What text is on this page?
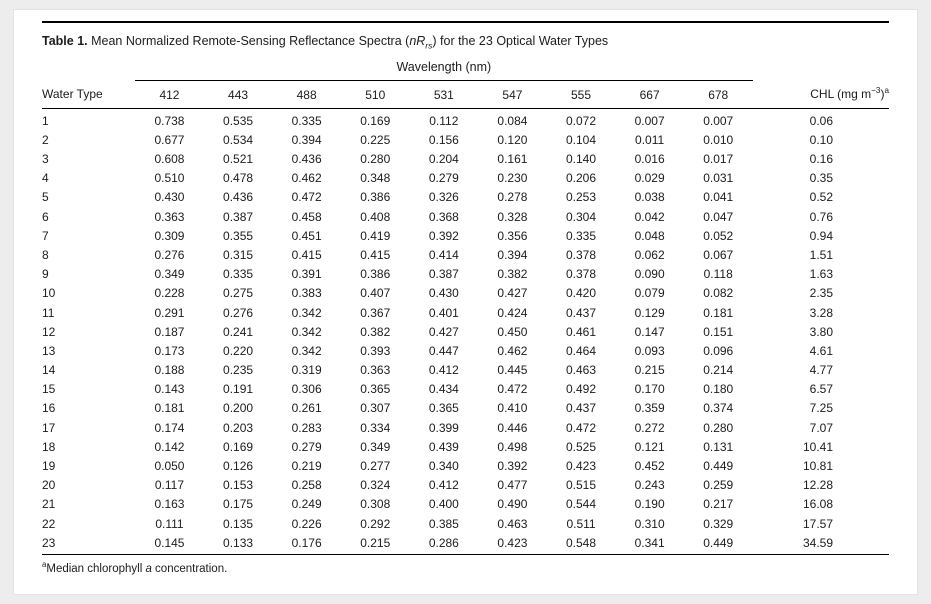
Table 1. Mean Normalized Remote-Sensing Reflectance Spectra $(nR_{rs})$ for the 23 Optical Water Types

	Wavelength (nm)									
Water Type	412	443	488	510	531	547	555	667	678	CHL (mg $m^{-3})^a$
1	0.738	0.535	0.335	0.169	0.112	0.084	0.072	0.007	0.007	0.06
2	0.677	0.534	0.394	0.225	0.156	0.120	0.104	0.011	0.010	0.10
3	0.608	0.521	0.436	0.280	0.204	0.161	0.140	0.016	0.017	0.16
4	0.510	0.478	0.462	0.348	0.279	0.230	0.206	0.029	0.031	0.35
5	0.430	0.436	0.472	0.386	0.326	0.278	0.253	0.038	0.041	0.52
6	0.363	0.387	0.458	0.408	0.368	0.328	0.304	0.042	0.047	0.76
7	0.309	0.355	0.451	0.419	0.392	0.356	0.335	0.048	0.052	0.94
8	0.276	0.315	0.415	0.415	0.414	0.394	0.378	0.062	0.067	1.51
9	0.349	0.335	0.391	0.386	0.387	0.382	0.378	0.090	0.118	1.63
10	0.228	0.275	0.383	0.407	0.430	0.427	0.420	0.079	0.082	2.35
11	0.291	0.276	0.342	0.367	0.401	0.424	0.437	0.129	0.181	3.28
12	0.187	0.241	0.342	0.382	0.427	0.450	0.461	0.147	0.151	3.80
13	0.173	0.220	0.342	0.393	0.447	0.462	0.464	0.093	0.096	4.61
14	0.188	0.235	0.319	0.363	0.412	0.445	0.463	0.215	0.214	4.77
15	0.143	0.191	0.306	0.365	0.434	0.472	0.492	0.170	0.180	6.57
16	0.181	0.200	0.261	0.307	0.365	0.410	0.437	0.359	0.374	7.25
17	0.174	0.203	0.283	0.334	0.399	0.446	0.472	0.272	0.280	7.07
18	0.142	0.169	0.279	0.349	0.439	0.498	0.525	0.121	0.131	10.41
19	0.050	0.126	0.219	0.277	0.340	0.392	0.423	0.452	0.449	10.81
20	0.117	0.153	0.258	0.324	0.412	0.477	0.515	0.243	0.259	12.28
21	0.163	0.175	0.249	0.308	0.400	0.490	0.544	0.190	0.217	16.08
22	0.111	0.135	0.226	0.292	0.385	0.463	0.511	0.310	0.329	17.57
23	0.145	0.133	0.176	0.215	0.286	0.423	0.548	0.341	0.449	34.59

$^a$Median chlorophyll a concentration.
